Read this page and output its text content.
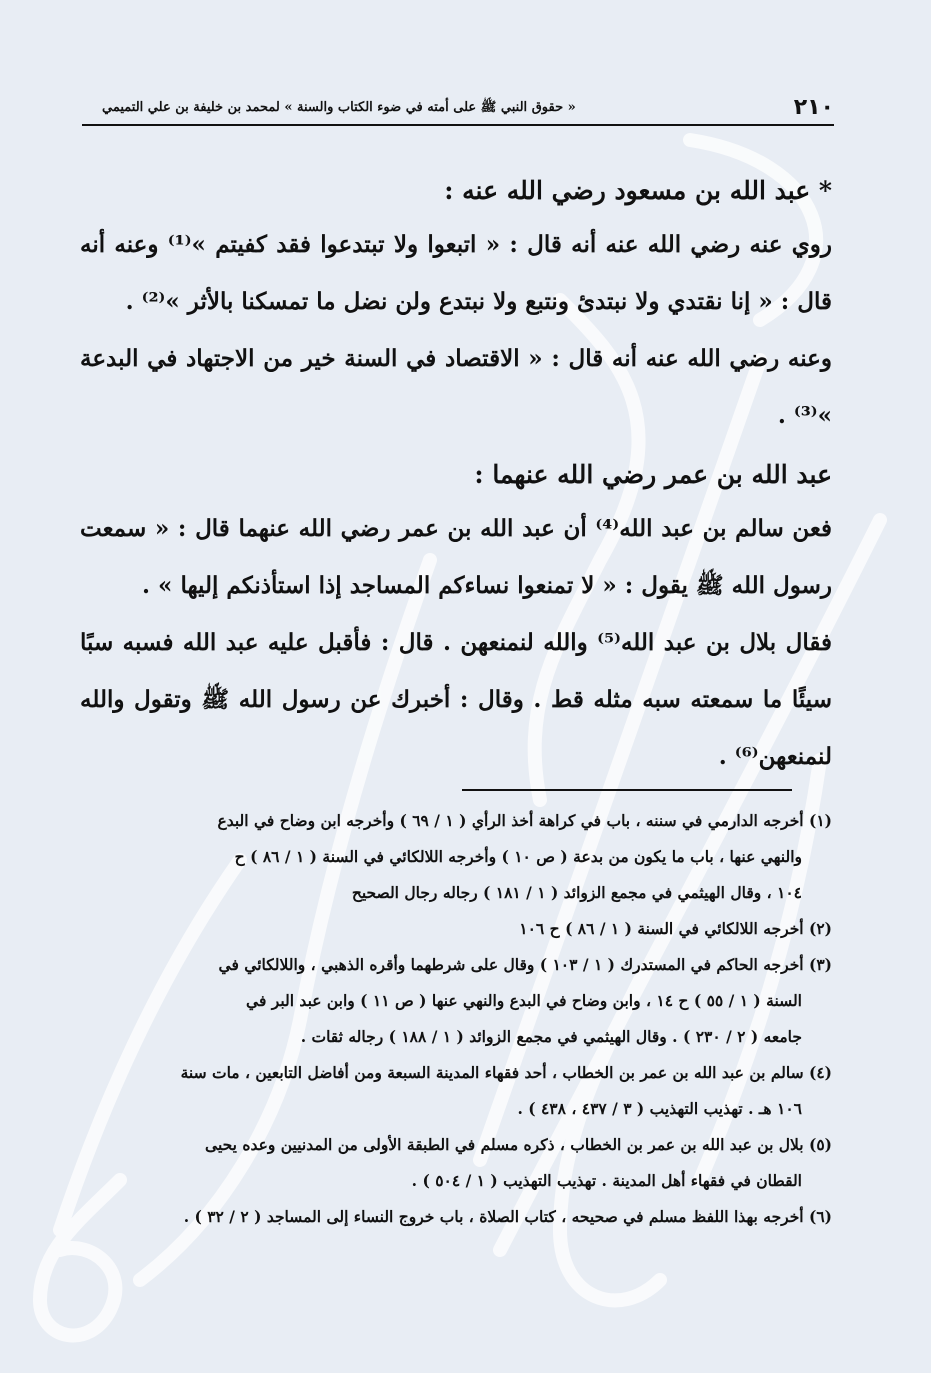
٢١٠
« حقوق النبي ﷺ على أمته في ضوء الكتاب والسنة » لمحمد بن خليفة بن علي التميمي
* عبد الله بن مسعود رضي الله عنه :

روي عنه رضي الله عنه أنه قال : « اتبعوا ولا تبتدعوا فقد كفيتم »⁽¹⁾ وعنه أنه قال : « إنا نقتدي ولا نبتدئ ونتبع ولا نبتدع ولن نضل ما تمسكنا بالأثر »⁽²⁾ .

وعنه رضي الله عنه أنه قال : « الاقتصاد في السنة خير من الاجتهاد في البدعة »⁽³⁾ .

عبد الله بن عمر رضي الله عنهما :

فعن سالم بن عبد الله⁽⁴⁾ أن عبد الله بن عمر رضي الله عنهما قال : « سمعت رسول الله ﷺ يقول : « لا تمنعوا نساءكم المساجد إذا استأذنكم إليها » .

فقال بلال بن عبد الله⁽⁵⁾ والله لنمنعهن . قال : فأقبل عليه عبد الله فسبه سبًا سيئًا ما سمعته سبه مثله قط . وقال : أخبرك عن رسول الله ﷺ وتقول والله لنمنعهن⁽⁶⁾ .

(١) أخرجه الدارمي في سننه ، باب في كراهة أخذ الرأي ( ١ / ٦٩ ) وأخرجه ابن وضاح في البدع
والنهي عنها ، باب ما يكون من بدعة ( ص ١٠ ) وأخرجه اللالكائي في السنة ( ١ / ٨٦ ) ح
١٠٤ ، وقال الهيثمي في مجمع الزوائد ( ١ / ١٨١ ) رجاله رجال الصحيح

(٢) أخرجه اللالكائي في السنة ( ١ / ٨٦ ) ح ١٠٦

(٣) أخرجه الحاكم في المستدرك ( ١ / ١٠٣ ) وقال على شرطهما وأقره الذهبي ، واللالكائي في
السنة ( ١ / ٥٥ ) ح ١٤ ، وابن وضاح في البدع والنهي عنها ( ص ١١ ) وابن عبد البر في
جامعه ( ٢ / ٢٣٠ ) . وقال الهيثمي في مجمع الزوائد ( ١ / ١٨٨ ) رجاله ثقات .

(٤) سالم بن عبد الله بن عمر بن الخطاب ، أحد فقهاء المدينة السبعة ومن أفاضل التابعين ، مات سنة
١٠٦ هـ . تهذيب التهذيب ( ٣ / ٤٣٧ ، ٤٣٨ ) .

(٥) بلال بن عبد الله بن عمر بن الخطاب ، ذكره مسلم في الطبقة الأولى من المدنيين وعده يحيى
القطان في فقهاء أهل المدينة . تهذيب التهذيب ( ١ / ٥٠٤ ) .

(٦) أخرجه بهذا اللفظ مسلم في صحيحه ، كتاب الصلاة ، باب خروج النساء إلى المساجد ( ٢ / ٣٢ ) .
